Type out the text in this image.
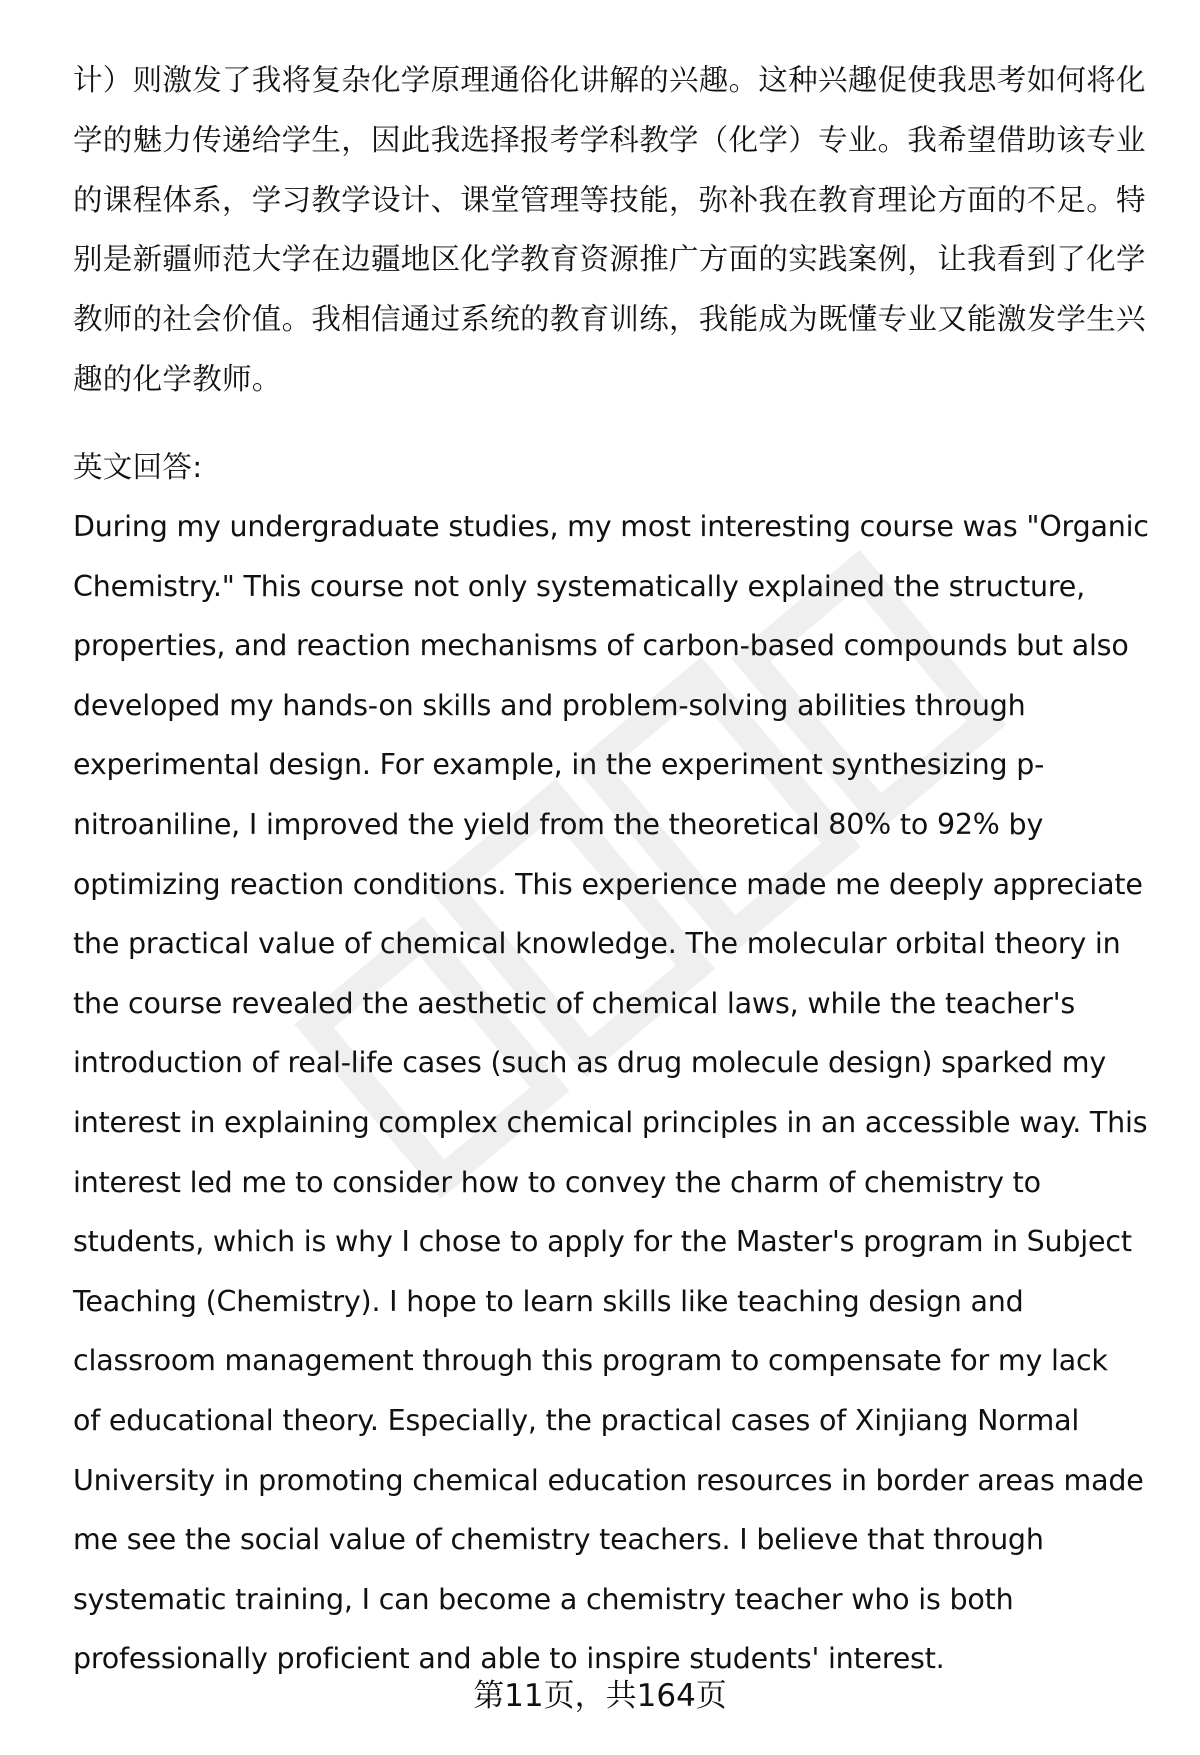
计）则激发了我将复杂化学原理通俗化讲解的兴趣。这种兴趣促使我思考如何将化
学的魅力传递给学生，因此我选择报考学科教学（化学）专业。我希望借助该专业
的课程体系，学习教学设计、课堂管理等技能，弥补我在教育理论方面的不足。特
别是新疆师范大学在边疆地区化学教育资源推广方面的实践案例，让我看到了化学
教师的社会价值。我相信通过系统的教育训练，我能成为既懂专业又能激发学生兴
趣的化学教师。
英文回答:
During my undergraduate studies, my most interesting course was "Organic
Chemistry." This course not only systematically explained the structure,
properties, and reaction mechanisms of carbon-based compounds but also
developed my hands-on skills and problem-solving abilities through
experimental design. For example, in the experiment synthesizing p-
nitroaniline, I improved the yield from the theoretical 80% to 92% by
optimizing reaction conditions. This experience made me deeply appreciate
the practical value of chemical knowledge. The molecular orbital theory in
the course revealed the aesthetic of chemical laws, while the teacher's
introduction of real-life cases (such as drug molecule design) sparked my
interest in explaining complex chemical principles in an accessible way. This
interest led me to consider how to convey the charm of chemistry to
students, which is why I chose to apply for the Master's program in Subject
Teaching (Chemistry). I hope to learn skills like teaching design and
classroom management through this program to compensate for my lack
of educational theory. Especially, the practical cases of Xinjiang Normal
University in promoting chemical education resources in border areas made
me see the social value of chemistry teachers. I believe that through
systematic training, I can become a chemistry teacher who is both
professionally proficient and able to inspire students' interest.
第11页，共164页
